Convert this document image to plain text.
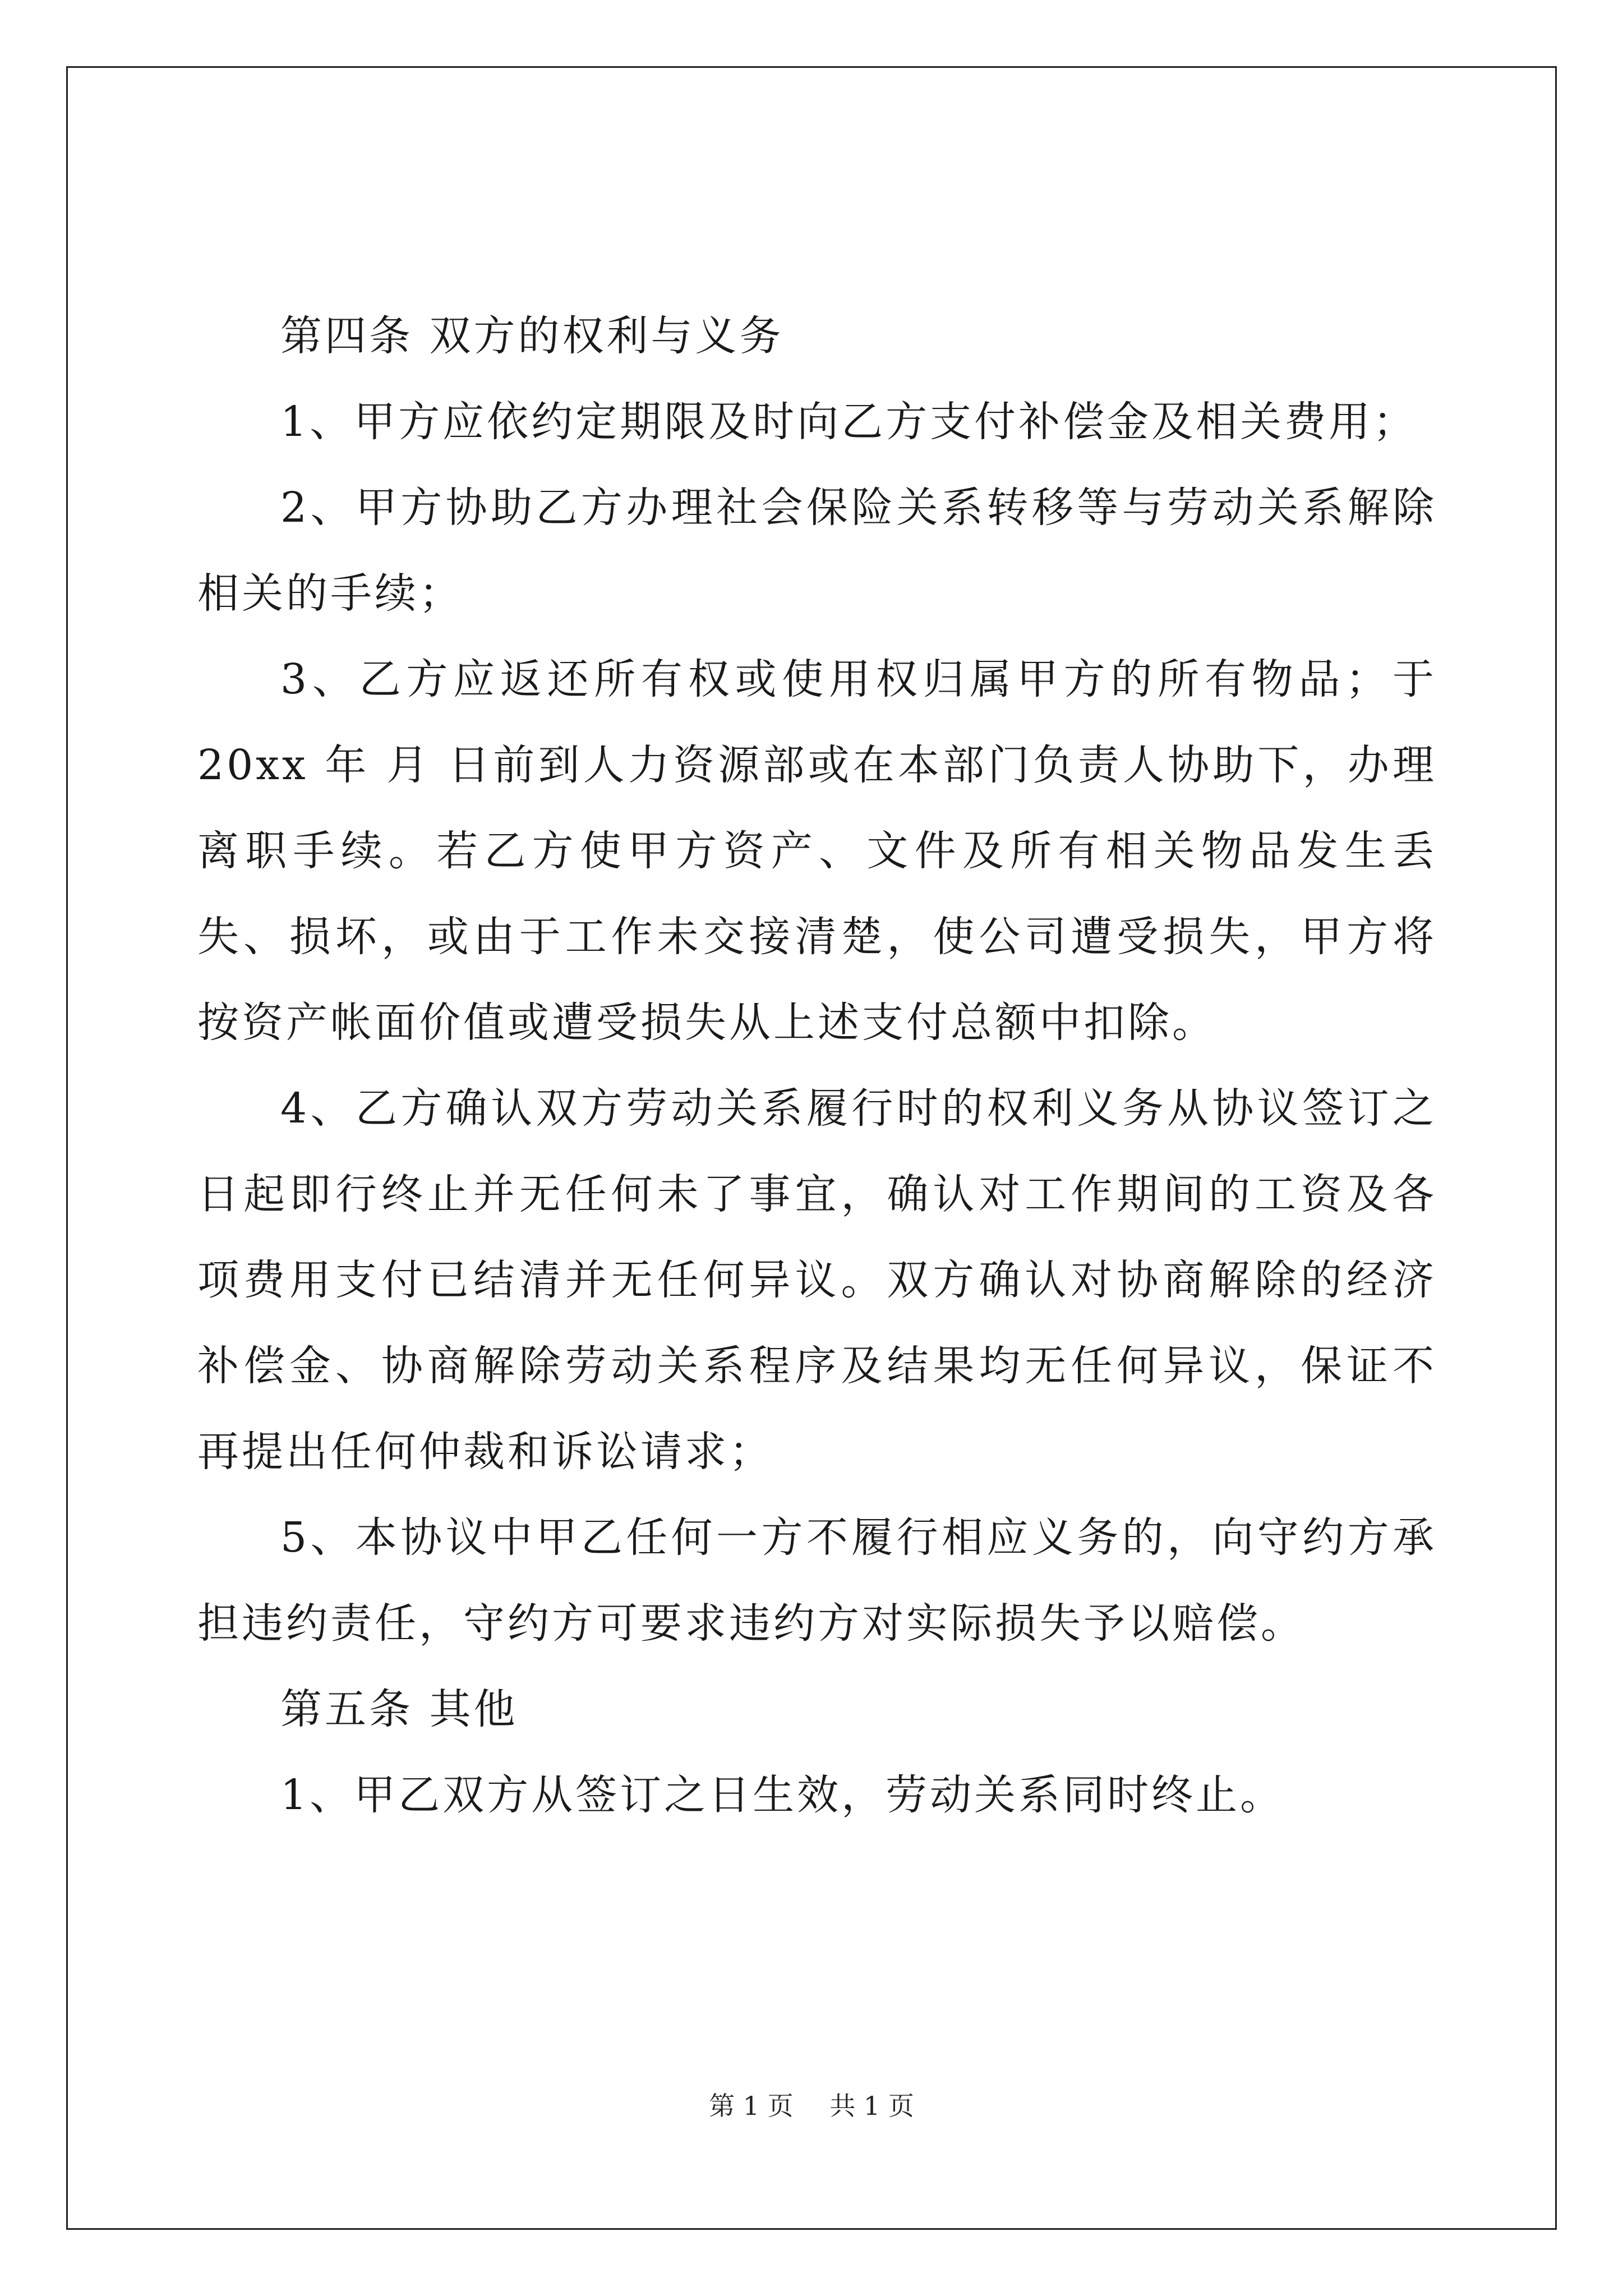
第四条 双方的权利与义务

1、甲方应依约定期限及时向乙方支付补偿金及相关费用；

2、甲方协助乙方办理社会保险关系转移等与劳动关系解除相关的手续；

3、乙方应返还所有权或使用权归属甲方的所有物品；于 20xx 年 月 日前到人力资源部或在本部门负责人协助下，办理离职手续。若乙方使甲方资产、文件及所有相关物品发生丢失、损坏，或由于工作未交接清楚，使公司遭受损失，甲方将按资产帐面价值或遭受损失从上述支付总额中扣除。

4、乙方确认双方劳动关系履行时的权利义务从协议签订之日起即行终止并无任何未了事宜，确认对工作期间的工资及各项费用支付已结清并无任何异议。双方确认对协商解除的经济补偿金、协商解除劳动关系程序及结果均无任何异议，保证不再提出任何仲裁和诉讼请求；

5、本协议中甲乙任何一方不履行相应义务的，向守约方承担违约责任，守约方可要求违约方对实际损失予以赔偿。

第五条 其他

1、甲乙双方从签订之日生效，劳动关系同时终止。

第 1 页 共 1 页
